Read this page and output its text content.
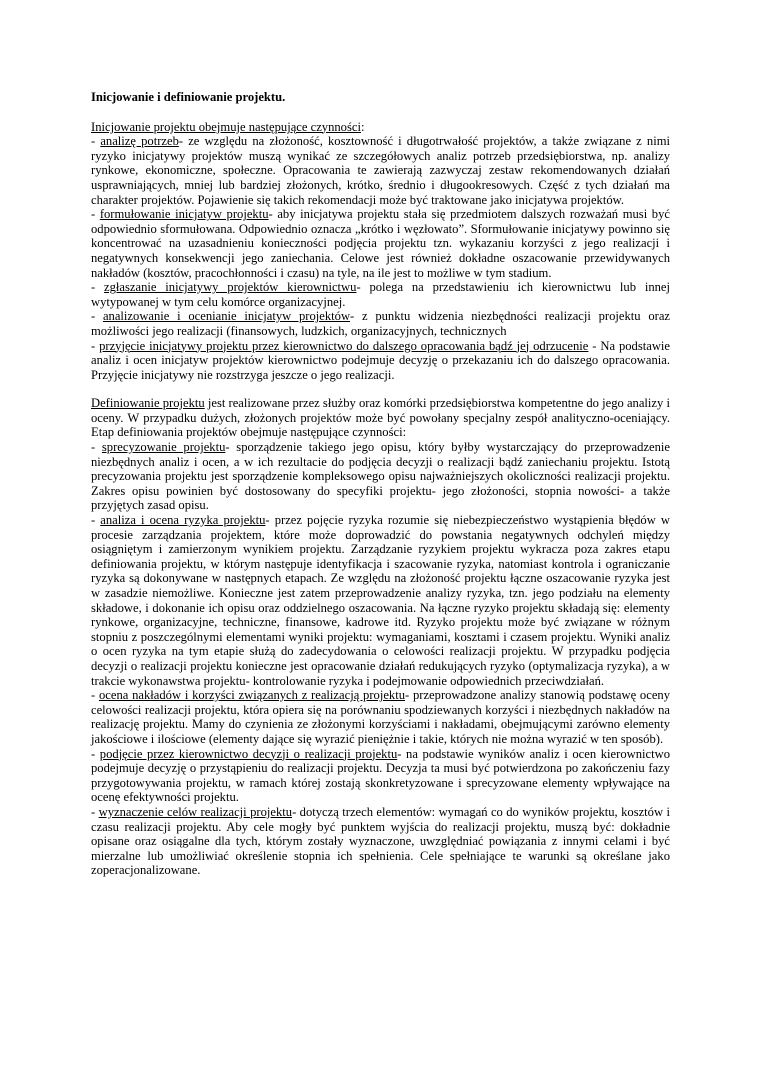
Inicjowanie i definiowanie projektu.
Inicjowanie projektu obejmuje następujące czynności:

- analizę potrzeb- ze względu na złożoność, kosztowność i długotrwałość projektów, a także związane z nimi ryzyko inicjatywy projektów muszą wynikać ze szczegółowych analiz potrzeb przedsiębiorstwa, np. analizy rynkowe, ekonomiczne, społeczne. Opracowania te zawierają zazwyczaj zestaw rekomendowanych działań usprawniających, mniej lub bardziej złożonych, krótko, średnio i długookresowych. Część z tych działań ma charakter projektów. Pojawienie się takich rekomendacji może być traktowane jako inicjatywa projektów.

- formułowanie inicjatyw projektu- aby inicjatywa projektu stała się przedmiotem dalszych rozważań musi być odpowiednio sformułowana. Odpowiednio oznacza „krótko i węzłowato”. Sformułowanie inicjatywy powinno się koncentrować na uzasadnieniu konieczności podjęcia projektu tzn. wykazaniu korzyści z jego realizacji i negatywnych konsekwencji jego zaniechania. Celowe jest również dokładne oszacowanie przewidywanych nakładów (kosztów, pracochłonności i czasu) na tyle, na ile jest to możliwe w tym stadium.

- zgłaszanie inicjatywy projektów kierownictwu- polega na przedstawieniu ich kierownictwu lub innej wytypowanej w tym celu komórce organizacyjnej.

- analizowanie i ocenianie inicjatyw projektów- z punktu widzenia niezbędności realizacji projektu oraz możliwości jego realizacji (finansowych, ludzkich, organizacyjnych, technicznych

- przyjęcie inicjatywy projektu przez kierownictwo do dalszego opracowania bądź jej odrzucenie - Na podstawie analiz i ocen inicjatyw projektów kierownictwo podejmuje decyzję o przekazaniu ich do dalszego opracowania. Przyjęcie inicjatywy nie rozstrzyga jeszcze o jego realizacji.

Definiowanie projektu jest realizowane przez służby oraz komórki przedsiębiorstwa kompetentne do jego analizy i oceny. W przypadku dużych, złożonych projektów może być powołany specjalny zespół analityczno-oceniający. Etap definiowania projektów obejmuje następujące czynności:

- sprecyzowanie projektu- sporządzenie takiego jego opisu, który byłby wystarczający do przeprowadzenie niezbędnych analiz i ocen, a w ich rezultacie do podjęcia decyzji o realizacji bądź zaniechaniu projektu. Istotą precyzowania projektu jest sporządzenie kompleksowego opisu najważniejszych okoliczności realizacji projektu. Zakres opisu powinien być dostosowany do specyfiki projektu- jego złożoności, stopnia nowości- a także przyjętych zasad opisu.

- analiza i ocena ryzyka projektu- przez pojęcie ryzyka rozumie się niebezpieczeństwo wystąpienia błędów w procesie zarządzania projektem, które może doprowadzić do powstania negatywnych odchyleń między osiągniętym i zamierzonym wynikiem projektu. Zarządzanie ryzykiem projektu wykracza poza zakres etapu definiowania projektu, w którym następuje identyfikacja i szacowanie ryzyka, natomiast kontrola i ograniczanie ryzyka są dokonywane w następnych etapach. Ze względu na złożoność projektu łączne oszacowanie ryzyka jest w zasadzie niemożliwe. Konieczne jest zatem przeprowadzenie analizy ryzyka, tzn. jego podziału na elementy składowe, i dokonanie ich opisu oraz oddzielnego oszacowania. Na łączne ryzyko projektu składają się: elementy rynkowe, organizacyjne, techniczne, finansowe, kadrowe itd. Ryzyko projektu może być związane w różnym stopniu z poszczególnymi elementami wyniki projektu: wymaganiami, kosztami i czasem projektu. Wyniki analiz o ocen ryzyka na tym etapie służą do zadecydowania o celowości realizacji projektu. W przypadku podjęcia decyzji o realizacji projektu konieczne jest opracowanie działań redukujących ryzyko (optymalizacja ryzyka), a w trakcie wykonawstwa projektu- kontrolowanie ryzyka i podejmowanie odpowiednich przeciwdziałań.

- ocena nakładów i korzyści związanych z realizacją projektu- przeprowadzone analizy stanowią podstawę oceny celowości realizacji projektu, która opiera się na porównaniu spodziewanych korzyści i niezbędnych nakładów na realizację projektu. Mamy do czynienia ze złożonymi korzyściami i nakładami, obejmującymi zarówno elementy jakościowe i ilościowe (elementy dające się wyrazić pieniężnie i takie, których nie można wyrazić w ten sposób).

- podjęcie przez kierownictwo decyzji o realizacji projektu- na podstawie wyników analiz i ocen kierownictwo podejmuje decyzję o przystąpieniu do realizacji projektu. Decyzja ta musi być potwierdzona po zakończeniu fazy przygotowywania projektu, w ramach której zostają skonkretyzowane i sprecyzowane elementy wpływające na ocenę efektywności projektu.

- wyznaczenie celów realizacji projektu- dotyczą trzech elementów: wymagań co do wyników projektu, kosztów i czasu realizacji projektu. Aby cele mogły być punktem wyjścia do realizacji projektu, muszą być: dokładnie opisane oraz osiągalne dla tych, którym zostały wyznaczone, uwzględniać powiązania z innymi celami i być mierzalne lub umożliwiać określenie stopnia ich spełnienia. Cele spełniające te warunki są określane jako zoperacjonalizowane.
